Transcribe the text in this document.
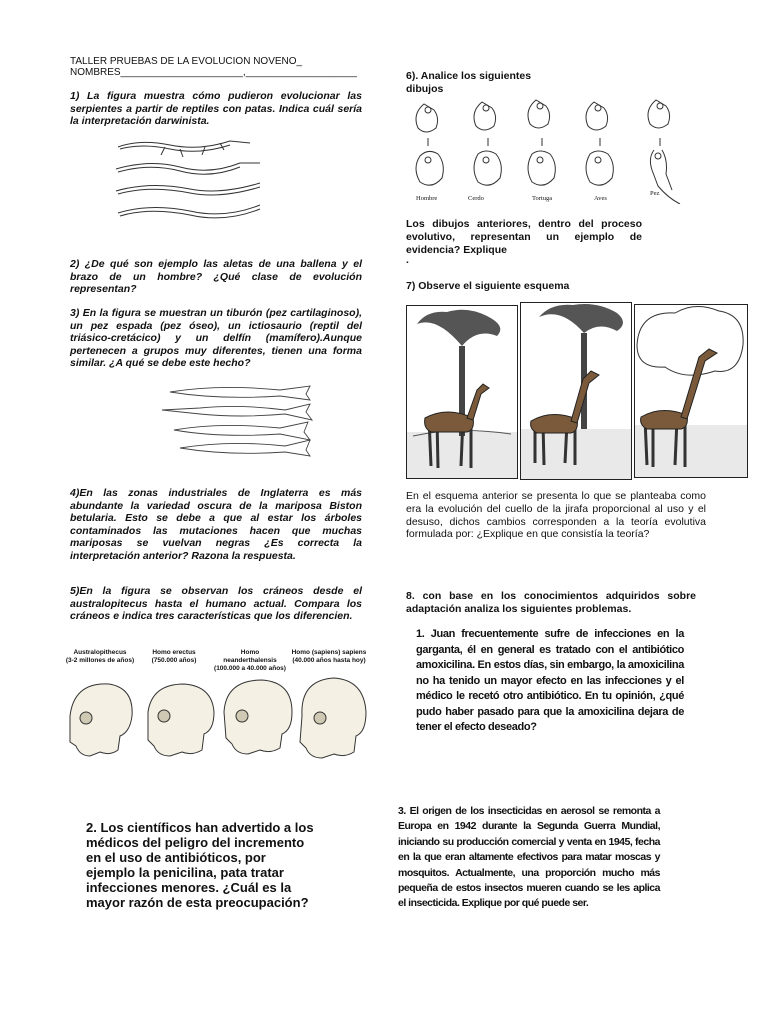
TALLER PRUEBAS DE LA EVOLUCION NOVENO_
NOMBRES______________________,____________________
1) La figura muestra cómo pudieron evolucionar las serpientes a partir de reptiles con patas. Indica cuál sería la interpretación darwinista.
2) ¿De qué son ejemplo las aletas de una ballena y el brazo de un hombre? ¿Qué clase de evolución representan?
3) En la figura se muestran un tiburón (pez cartilaginoso), un pez espada (pez óseo), un ictiosaurio (reptil del triásico-cretácico) y un delfín (mamífero).Aunque pertenecen a grupos muy diferentes, tienen una forma similar. ¿A qué se debe este hecho?
4)En las zonas industriales de Inglaterra es más abundante la variedad oscura de la mariposa Biston betularia. Esto se debe a que al estar los árboles contaminados las mutaciones hacen que muchas mariposas se vuelvan negras ¿Es correcta la interpretación anterior? Razona la respuesta.
5)En la figura se observan los cráneos desde el australopitecus hasta el humano actual. Compara los cráneos e indica tres características que los diferencien.
Australopithecus
(3-2 millones de años)
Homo erectus
(750.000 años)
Homo neanderthalensis
(100.000 a 40.000 años)
Homo (sapiens) sapiens
(40.000 años hasta hoy)
6). Analice los siguientes dibujos
Hombre	Cerdo	Tortuga	Aves
Pez
Los dibujos anteriores, dentro del proceso evolutivo, representan un ejemplo de evidencia? Explique
.
7) Observe el siguiente esquema
En el esquema anterior se presenta lo que se planteaba como era la evolución del cuello de la jirafa proporcional al uso y el desuso, dichos cambios corresponden a la teoría evolutiva formulada por: ¿Explique en que consistía la teoría?
8. con base en los conocimientos adquiridos sobre adaptación analiza los siguientes problemas.
1. Juan frecuentemente sufre de infecciones en la garganta, él en general es tratado con el antibiótico amoxicilina. En estos días, sin embargo, la amoxicilina no ha tenido un mayor efecto en las infecciones y el médico le recetó otro antibiótico. En tu opinión, ¿qué pudo haber pasado para que la amoxicilina dejara de tener el efecto deseado?
2. Los científicos han advertido a los médicos del peligro del incremento en el uso de antibióticos, por ejemplo la penicilina, pata tratar infecciones menores. ¿Cuál es la mayor razón de esta preocupación?
3. El origen de los insecticidas en aerosol se remonta a Europa en 1942 durante la Segunda Guerra Mundial, iniciando su producción comercial y venta en 1945, fecha en la que eran altamente efectivos para matar moscas y mosquitos. Actualmente, una proporción mucho más pequeña de estos insectos mueren cuando se les aplica el insecticida. Explique por qué puede ser.
